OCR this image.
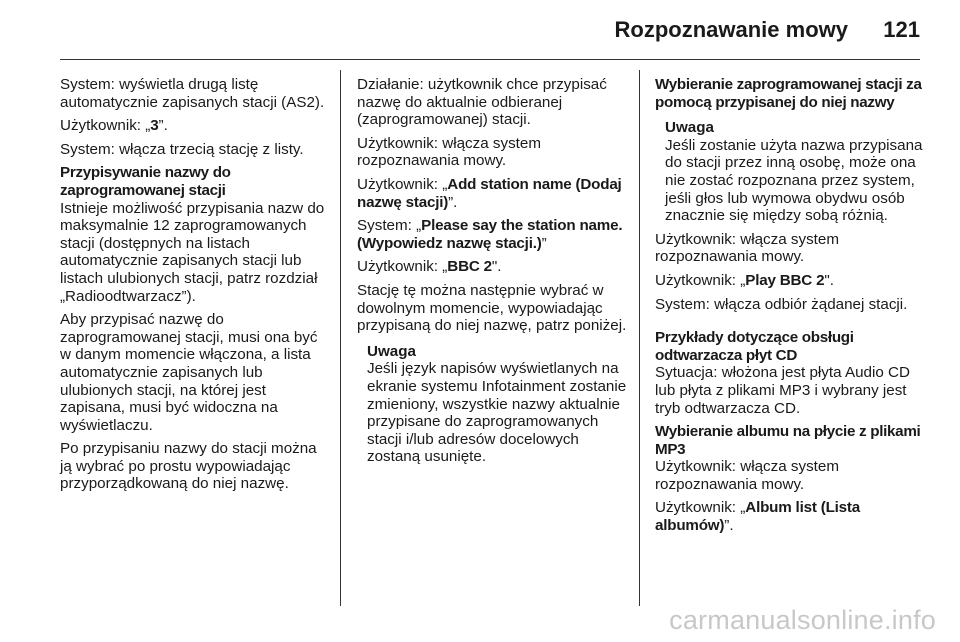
Rozpoznawanie mowy 121

System: wyświetla drugą listę automatycznie zapisanych stacji (AS2).

Użytkownik: „3”.

System: włącza trzecią stację z listy.

Przypisywanie nazwy do zaprogramowanej stacji

Istnieje możliwość przypisania nazw do maksymalnie 12 zaprogramowanych stacji (dostępnych na listach automatycznie zapisanych stacji lub listach ulubionych stacji, patrz rozdział „Radioodtwarzacz”).

Aby przypisać nazwę do zaprogramowanej stacji, musi ona być w danym momencie włączona, a lista automatycznie zapisanych lub ulubionych stacji, na której jest zapisana, musi być widoczna na wyświetlaczu.

Po przypisaniu nazwy do stacji można ją wybrać po prostu wypowiadając przyporządkowaną do niej nazwę.

Działanie: użytkownik chce przypisać nazwę do aktualnie odbieranej (zaprogramowanej) stacji.

Użytkownik: włącza system rozpoznawania mowy.

Użytkownik: „Add station name (Dodaj nazwę stacji)”.

System: „Please say the station name. (Wypowiedz nazwę stacji.)”

Użytkownik: „BBC 2".

Stację tę można następnie wybrać w dowolnym momencie, wypowiadając przypisaną do niej nazwę, patrz poniżej.

Uwaga
Jeśli język napisów wyświetlanych na ekranie systemu Infotainment zostanie zmieniony, wszystkie nazwy aktualnie przypisane do zaprogramowanych stacji i/lub adresów docelowych zostaną usunięte.
Wybieranie zaprogramowanej stacji za pomocą przypisanej do niej nazwy
Uwaga
Jeśli zostanie użyta nazwa przypisana do stacji przez inną osobę, może ona nie zostać rozpoznana przez system, jeśli głos lub wymowa obydwu osób znacznie się między sobą różnią.

Użytkownik: włącza system rozpoznawania mowy.

Użytkownik: „Play BBC 2".

System: włącza odbiór żądanej stacji.

Przykłady dotyczące obsługi odtwarzacza płyt CD

Sytuacja: włożona jest płyta Audio CD lub płyta z plikami MP3 i wybrany jest tryb odtwarzacza CD.

Wybieranie albumu na płycie z plikami MP3

Użytkownik: włącza system rozpoznawania mowy.

Użytkownik: „Album list (Lista albumów)”.

carmanualsonline.info
